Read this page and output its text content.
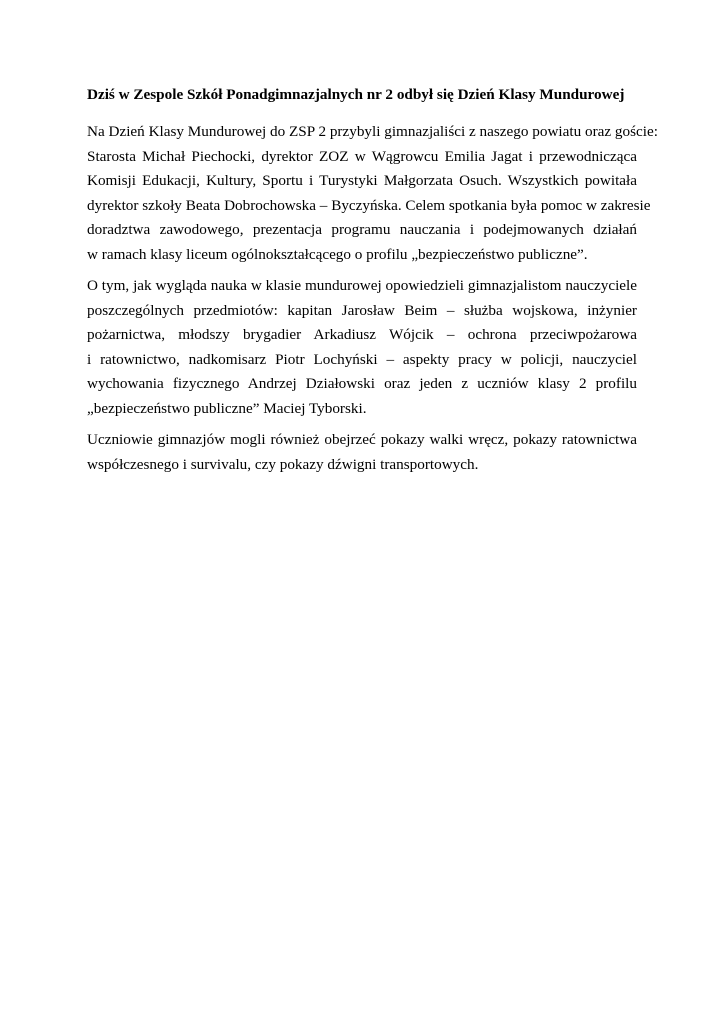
Dziś w Zespole Szkół Ponadgimnazjalnych nr 2 odbył się Dzień Klasy Mundurowej

Na Dzień Klasy Mundurowej do ZSP 2 przybyli gimnazjaliści z naszego powiatu oraz goście:
Starosta Michał Piechocki, dyrektor ZOZ w Wągrowcu Emilia Jagat i przewodnicząca
Komisji Edukacji, Kultury, Sportu i Turystyki Małgorzata Osuch. Wszystkich powitała
dyrektor szkoły Beata Dobrochowska – Byczyńska. Celem spotkania była pomoc w zakresie
doradztwa zawodowego, prezentacja programu nauczania i podejmowanych działań
w ramach klasy liceum ogólnokształcącego o profilu „bezpieczeństwo publiczne”.

O tym, jak wygląda nauka w klasie mundurowej opowiedzieli gimnazjalistom nauczyciele
poszczególnych przedmiotów: kapitan Jarosław Beim – służba wojskowa, inżynier
pożarnictwa, młodszy brygadier Arkadiusz Wójcik – ochrona przeciwpożarowa
i ratownictwo, nadkomisarz Piotr Lochyński – aspekty pracy w policji, nauczyciel
wychowania fizycznego Andrzej Działowski oraz jeden z uczniów klasy 2 profilu
„bezpieczeństwo publiczne” Maciej Tyborski.

Uczniowie gimnazjów mogli również obejrzeć pokazy walki wręcz, pokazy ratownictwa
współczesnego i survivalu, czy pokazy dźwigni transportowych.
